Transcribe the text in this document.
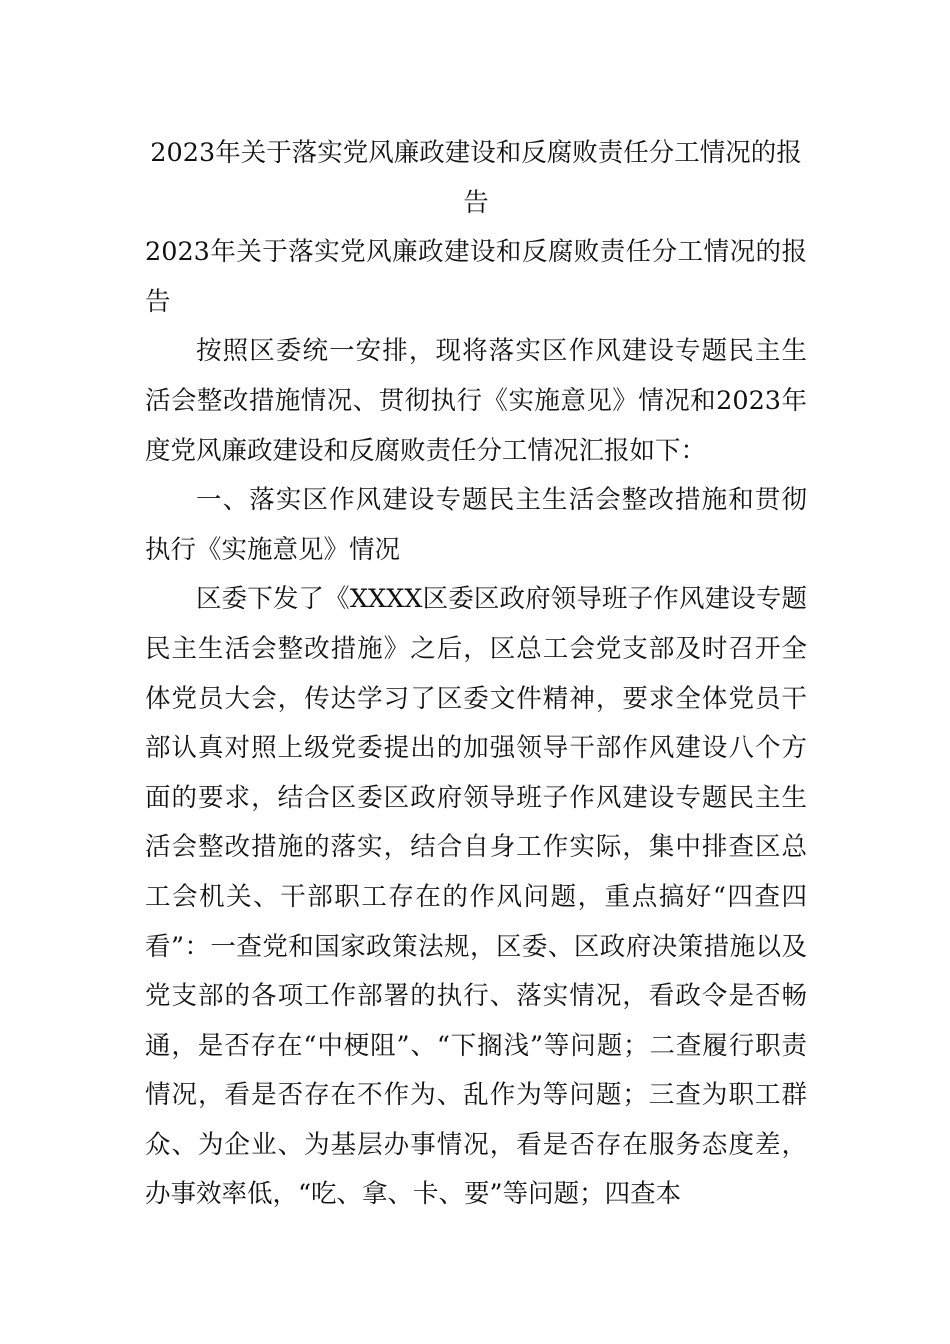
2023年关于落实党风廉政建设和反腐败责任分工情况的报告

2023年关于落实党风廉政建设和反腐败责任分工情况的报告

按照区委统一安排，现将落实区作风建设专题民主生活会整改措施情况、贯彻执行《实施意见》情况和2023年度党风廉政建设和反腐败责任分工情况汇报如下：

一、落实区作风建设专题民主生活会整改措施和贯彻执行《实施意见》情况

区委下发了《XXXX区委区政府领导班子作风建设专题民主生活会整改措施》之后，区总工会党支部及时召开全体党员大会，传达学习了区委文件精神，要求全体党员干部认真对照上级党委提出的加强领导干部作风建设八个方面的要求，结合区委区政府领导班子作风建设专题民主生活会整改措施的落实，结合自身工作实际，集中排查区总工会机关、干部职工存在的作风问题，重点搞好“四查四看”：一查党和国家政策法规，区委、区政府决策措施以及党支部的各项工作部署的执行、落实情况，看政令是否畅通，是否存在“中梗阻”、“下搁浅”等问题；二查履行职责情况，看是否存在不作为、乱作为等问题；三查为职工群众、为企业、为基层办事情况，看是否存在服务态度差，办事效率低，“吃、拿、卡、要”等问题；四查本
